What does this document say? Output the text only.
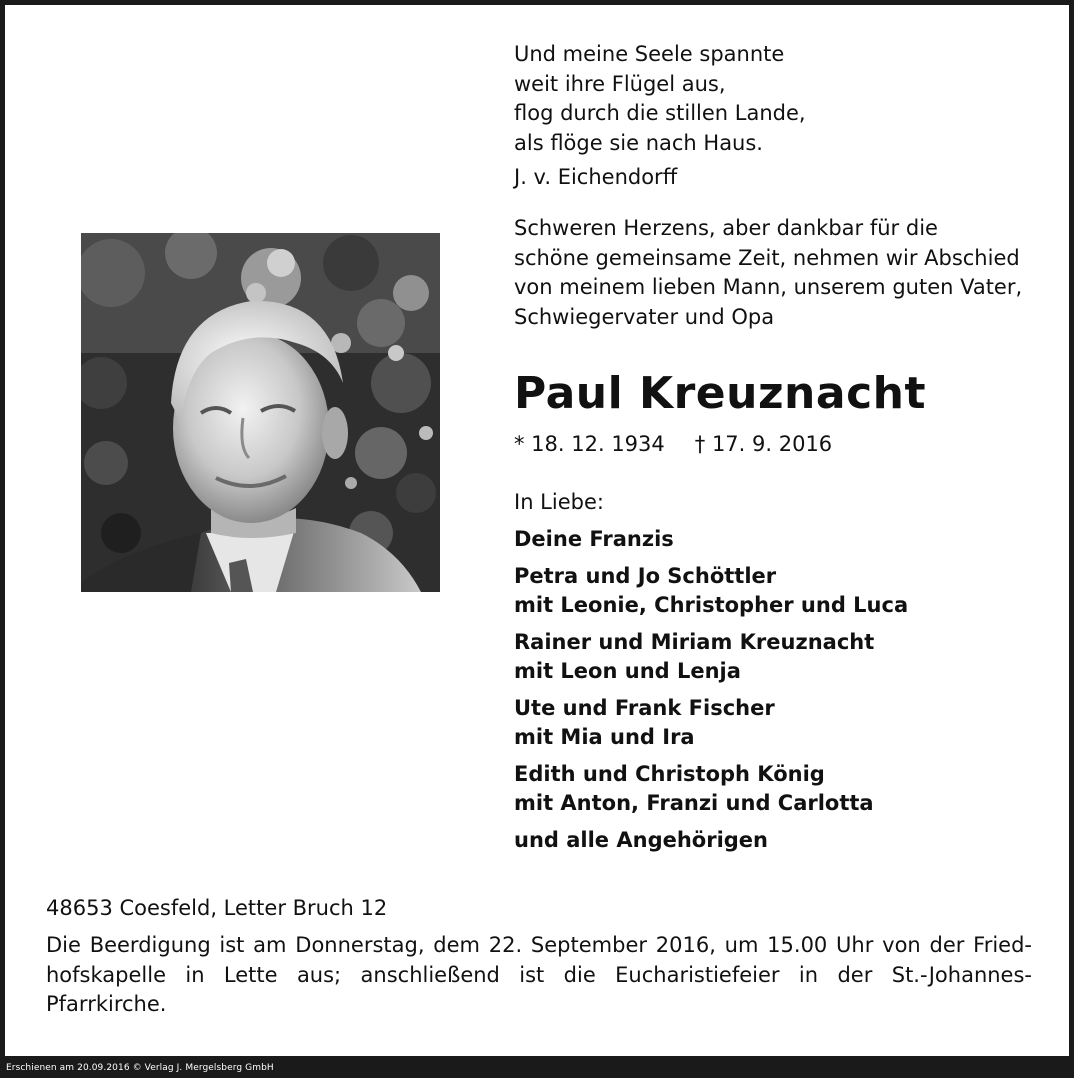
Erschienen am 20.09.2016 © Verlag J. Mergelsberg GmbH
Und meine Seele spannte
weit ihre Flügel aus,
flog durch die stillen Lande,
als flöge sie nach Haus.
J. v. Eichendorff
Schweren Herzens, aber dankbar für die
schöne gemeinsame Zeit, nehmen wir Abschied
von meinem lieben Mann, unserem guten Vater,
Schwiegervater und Opa
Paul Kreuznacht
* 18. 12. 1934 † 17. 9. 2016
In Liebe:
Deine Franzis
Petra und Jo Schöttler
mit Leonie, Christopher und Luca
Rainer und Miriam Kreuznacht
mit Leon und Lenja
Ute und Frank Fischer
mit Mia und Ira
Edith und Christoph König
mit Anton, Franzi und Carlotta
und alle Angehörigen
48653 Coesfeld, Letter Bruch 12
Die Beerdigung ist am Donnerstag, dem 22. September 2016, um 15.00 Uhr von der Fried-
hofskapelle in Lette aus; anschließend ist die Eucharistiefeier in der St.-Johannes-
Pfarrkirche.
